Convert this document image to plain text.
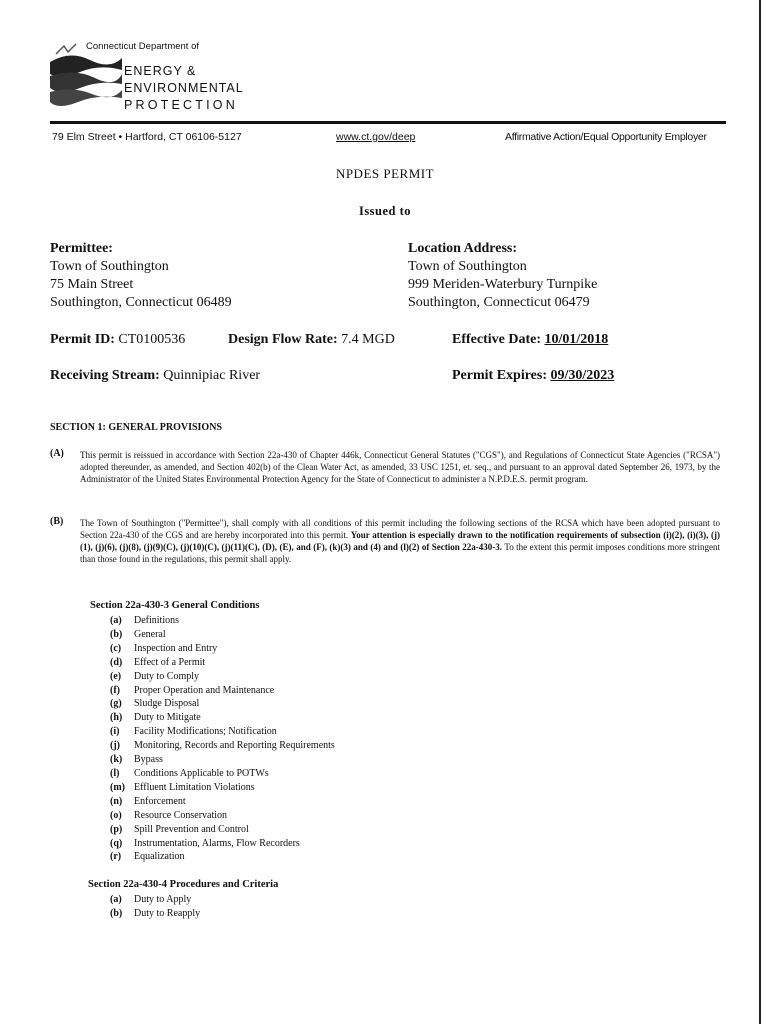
Connecticut Department of
ENERGY &
ENVIRONMENTAL
PROTECTION
79 Elm Street • Hartford, CT 06106-5127	www.ct.gov/deep	Affirmative Action/Equal Opportunity Employer
NPDES PERMIT
Issued to
Permittee:
Town of Southington
75 Main Street
Southington, Connecticut 06489
Location Address:
Town of Southington
999 Meriden-Waterbury Turnpike
Southington, Connecticut 06479
Permit ID: CT0100536	Design Flow Rate: 7.4 MGD	Effective Date: 10/01/2018
Receiving Stream: Quinnipiac River	Permit Expires: 09/30/2023
SECTION 1: GENERAL PROVISIONS
(A) This permit is reissued in accordance with Section 22a-430 of Chapter 446k, Connecticut General Statutes ("CGS"), and Regulations of Connecticut State Agencies ("RCSA") adopted thereunder, as amended, and Section 402(b) of the Clean Water Act, as amended, 33 USC 1251, et. seq., and pursuant to an approval dated September 26, 1973, by the Administrator of the United States Environmental Protection Agency for the State of Connecticut to administer a N.P.D.E.S. permit program.
(B) The Town of Southington ("Permittee"), shall comply with all conditions of this permit including the following sections of the RCSA which have been adopted pursuant to Section 22a-430 of the CGS and are hereby incorporated into this permit. Your attention is especially drawn to the notification requirements of subsection (i)(2), (i)(3), (j)(1), (j)(6), (j)(8), (j)(9)(C), (j)(10)(C), (j)(11)(C), (D), (E), and (F), (k)(3) and (4) and (l)(2) of Section 22a-430-3. To the extent this permit imposes conditions more stringent than those found in the regulations, this permit shall apply.
Section 22a-430-3 General Conditions
(a)	Definitions
(b)	General
(c)	Inspection and Entry
(d)	Effect of a Permit
(e)	Duty to Comply
(f)	Proper Operation and Maintenance
(g)	Sludge Disposal
(h)	Duty to Mitigate
(i)	Facility Modifications; Notification
(j)	Monitoring, Records and Reporting Requirements
(k)	Bypass
(l)	Conditions Applicable to POTWs
(m) Effluent Limitation Violations
(n)	Enforcement
(o)	Resource Conservation
(p)	Spill Prevention and Control
(q)	Instrumentation, Alarms, Flow Recorders
(r)	Equalization
Section 22a-430-4 Procedures and Criteria
(a)	Duty to Apply
(b)	Duty to Reapply
